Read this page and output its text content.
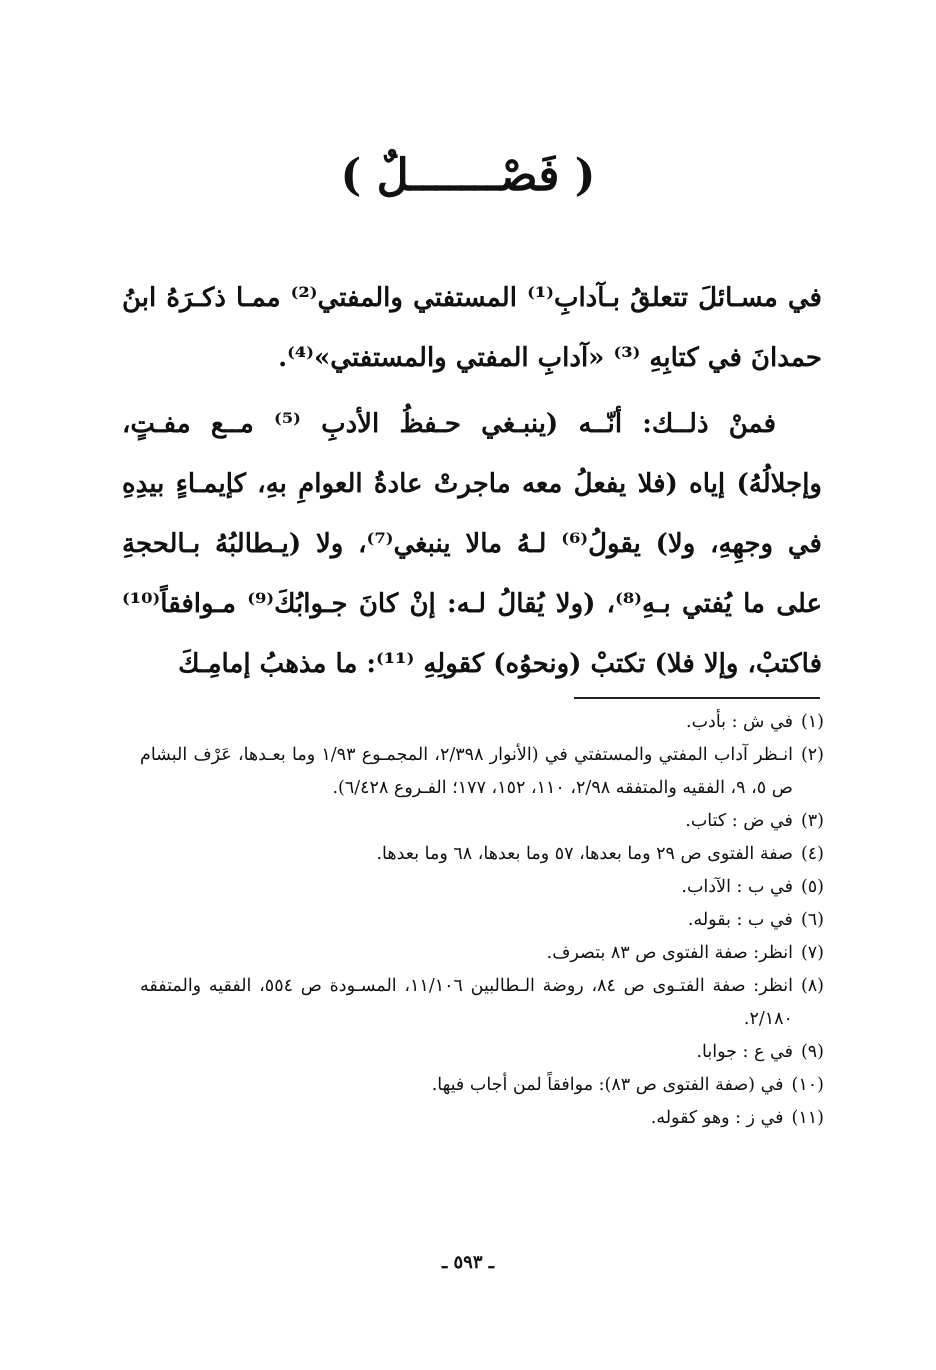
( فَصْـــــــلٌ )

في مسـائلَ تتعلقُ بـآدابِ⁽¹⁾ المستفتي والمفتي⁽²⁾ ممـا ذكـرَهُ ابنُ حمدانَ في كتابِهِ ⁽³⁾ «آدابِ المفتي والمستفتي»⁽⁴⁾.

فمنْ ذلــك: أنّــه (ينبـغي حـفظُ الأدبِ ⁽⁵⁾ مــع مفـتٍ، وإجلالُهُ) إياه (فلا يفعلُ معه ماجرتْ عادةُ العوامِ بهِ، كإيمـاءٍ بيدِهِ في وجهِهِ، ولا) يقولُ⁽⁶⁾ لـهُ مالا ينبغي⁽⁷⁾، ولا (يـطالبُهُ بـالحجةِ على ما يُفتي بـهِ⁽⁸⁾، (ولا يُقالُ لـه: إنْ كانَ جـوابُكَ⁽⁹⁾ مـوافقاً⁽¹⁰⁾ فاكتبْ، وإلا فلا) تكتبْ (ونحوُه) كقولِهِ ⁽¹¹⁾: ما مذهبُ إمامِـكَ

(١)
في ش : بأدب.
(٢)
انـظر آداب المفتي والمستفتي في (الأنوار ٢/٣٩٨، المجمـوع ١/٩٣ وما بعـدها، عَرْف البشام ص ٥، ٩، الفقيه والمتفقه ٢/٩٨، ١١٠، ١٥٢، ١٧٧؛ الفـروع ٦/٤٢٨).
(٣)
في ض : كتاب.
(٤)
صفة الفتوى ص ٢٩ وما بعدها، ٥٧ وما بعدها، ٦٨ وما بعدها.
(٥)
في ب : الآداب.
(٦)
في ب : بقوله.
(٧)
انظر: صفة الفتوى ص ٨٣ بتصرف.
(٨)
انظر: صفة الفتـوى ص ٨٤، روضة الـطالبين ١١/١٠٦، المسـودة ص ٥٥٤، الفقيه والمتفقه ٢/١٨٠.
(٩)
في ع : جوابا.
(١٠)
في (صفة الفتوى ص ٨٣): موافقاً لمن أجاب فيها.
(١١)
في ز : وهو كقوله.
ـ ٥٩٣ ـ
